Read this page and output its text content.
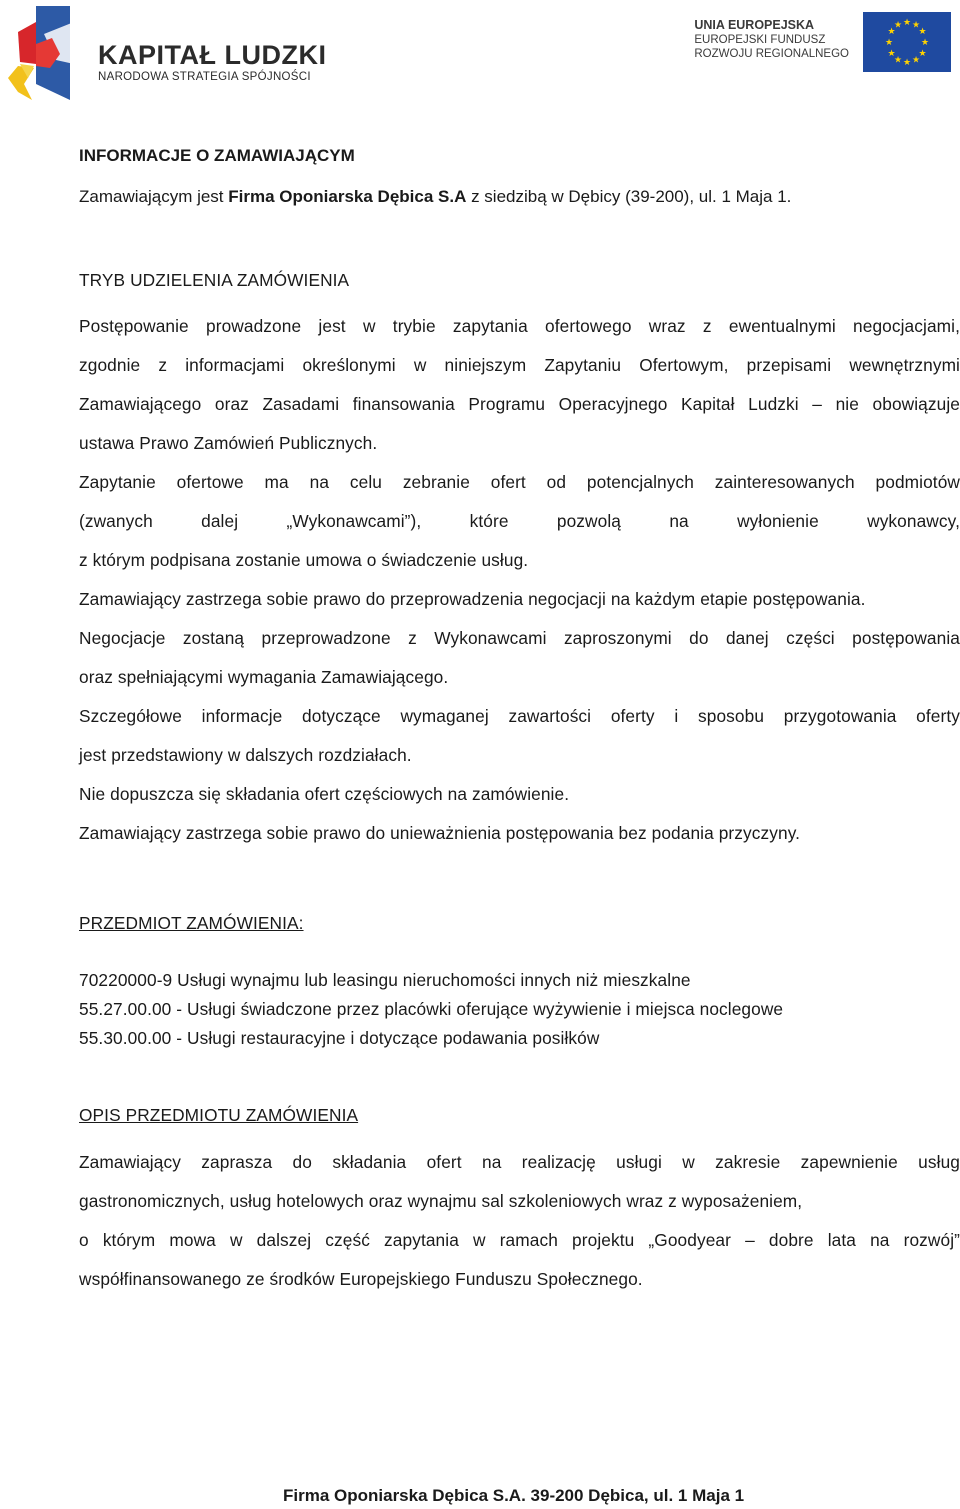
KAPITAŁ LUDZKI
NARODOWA STRATEGIA SPÓJNOŚCI
UNIA EUROPEJSKA
EUROPEJSKI FUNDUSZ
ROZWOJU REGIONALNEGO
★ ★
★
★
★
★
★
★
★
★
★
★
INFORMACJE O ZAMAWIAJĄCYM
Zamawiającym jest Firma Oponiarska Dębica S.A z siedzibą w Dębicy (39-200), ul. 1 Maja 1.
TRYB UDZIELENIA ZAMÓWIENIA
Postępowanie prowadzone jest w trybie zapytania ofertowego wraz z ewentualnymi negocjacjami,
zgodnie z informacjami określonymi w niniejszym Zapytaniu Ofertowym, przepisami wewnętrznymi
Zamawiającego oraz Zasadami finansowania Programu Operacyjnego Kapitał Ludzki – nie obowiązuje
ustawa Prawo Zamówień Publicznych.
Zapytanie ofertowe ma na celu zebranie ofert od potencjalnych zainteresowanych podmiotów
(zwanych dalej „Wykonawcami”), które pozwolą na wyłonienie wykonawcy,
z którym podpisana zostanie umowa o świadczenie usług.
Zamawiający zastrzega sobie prawo do przeprowadzenia negocjacji na każdym etapie postępowania.
Negocjacje zostaną przeprowadzone z Wykonawcami zaproszonymi do danej części postępowania
oraz spełniającymi wymagania Zamawiającego.
Szczegółowe informacje dotyczące wymaganej zawartości oferty i sposobu przygotowania oferty
jest przedstawiony w dalszych rozdziałach.
Nie dopuszcza się składania ofert częściowych na zamówienie.
Zamawiający zastrzega sobie prawo do unieważnienia postępowania bez podania przyczyny.
PRZEDMIOT ZAMÓWIENIA:
70220000-9 Usługi wynajmu lub leasingu nieruchomości innych niż mieszkalne
55.27.00.00 - Usługi świadczone przez placówki oferujące wyżywienie i miejsca noclegowe
55.30.00.00 - Usługi restauracyjne i dotyczące podawania posiłków
OPIS PRZEDMIOTU ZAMÓWIENIA
Zamawiający zaprasza do składania ofert na realizację usługi w zakresie zapewnienie usług
gastronomicznych, usług hotelowych oraz wynajmu sal szkoleniowych wraz z wyposażeniem,
o którym mowa w dalszej część zapytania w ramach projektu „Goodyear – dobre lata na rozwój”
współfinansowanego ze środków Europejskiego Funduszu Społecznego.
Firma Oponiarska Dębica S.A. 39-200 Dębica, ul. 1 Maja 1
